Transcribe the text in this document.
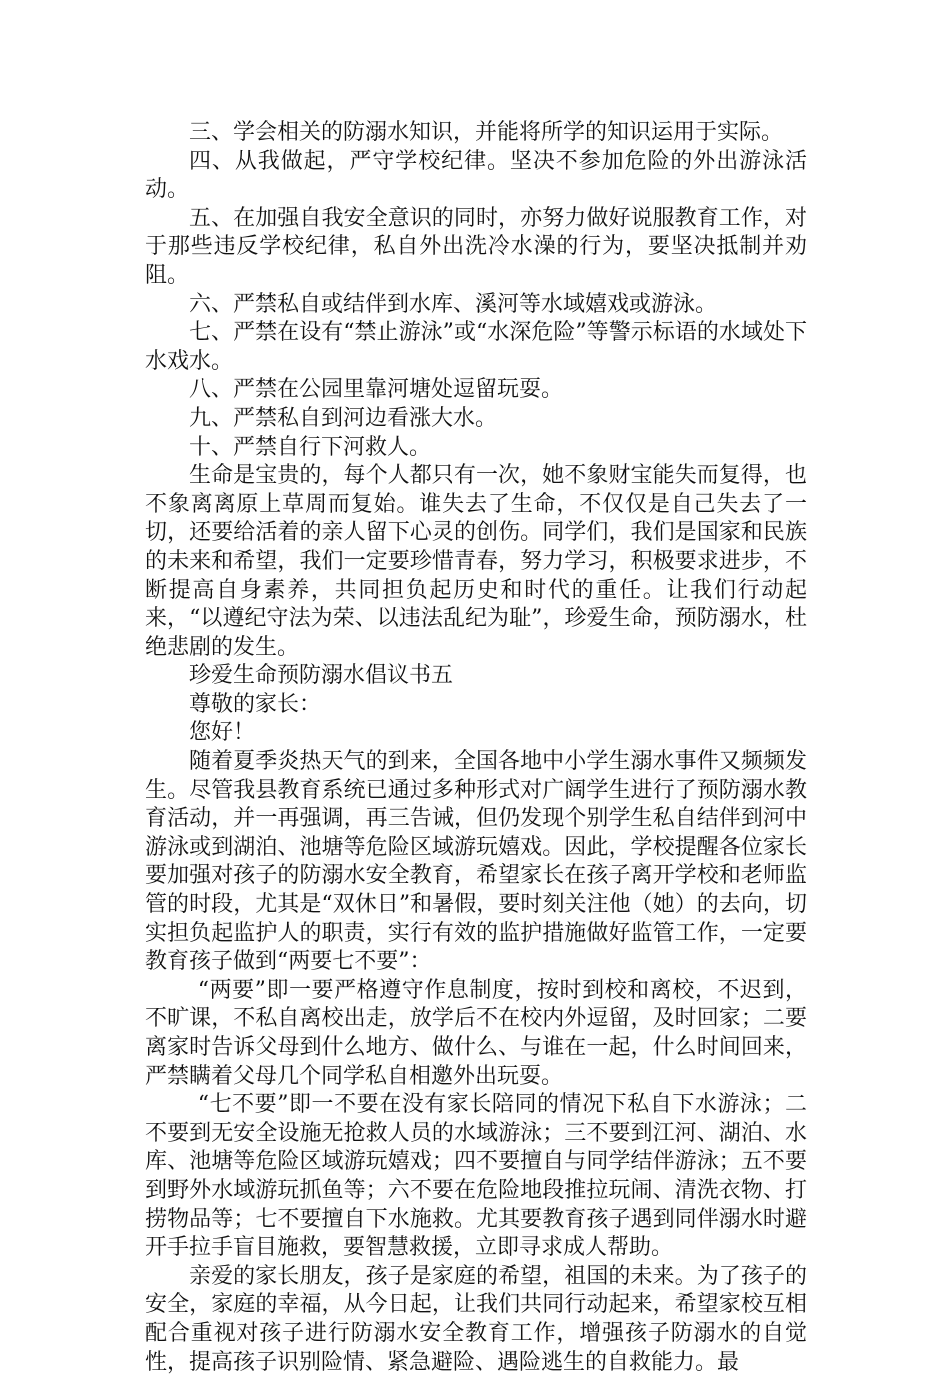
三、学会相关的防溺水知识，并能将所学的知识运用于实际。

四、从我做起，严守学校纪律。坚决不参加危险的外出游泳活动。

五、在加强自我安全意识的同时，亦努力做好说服教育工作，对于那些违反学校纪律，私自外出洗冷水澡的行为，要坚决抵制并劝阻。

六、严禁私自或结伴到水库、溪河等水域嬉戏或游泳。

七、严禁在设有“禁止游泳”或“水深危险”等警示标语的水域处下水戏水。

八、严禁在公园里靠河塘处逗留玩耍。

九、严禁私自到河边看涨大水。

十、严禁自行下河救人。

生命是宝贵的，每个人都只有一次，她不象财宝能失而复得，也不象离离原上草周而复始。谁失去了生命，不仅仅是自己失去了一切，还要给活着的亲人留下心灵的创伤。同学们，我们是国家和民族的未来和希望，我们一定要珍惜青春，努力学习，积极要求进步，不断提高自身素养，共同担负起历史和时代的重任。让我们行动起来，“以遵纪守法为荣、以违法乱纪为耻”，珍爱生命，预防溺水，杜绝悲剧的发生。

珍爱生命预防溺水倡议书五

尊敬的家长：

您好！

随着夏季炎热天气的到来，全国各地中小学生溺水事件又频频发生。尽管我县教育系统已通过多种形式对广阔学生进行了预防溺水教育活动，并一再强调，再三告诫，但仍发现个别学生私自结伴到河中游泳或到湖泊、池塘等危险区域游玩嬉戏。因此，学校提醒各位家长要加强对孩子的防溺水安全教育，希望家长在孩子离开学校和老师监管的时段，尤其是“双休日”和暑假，要时刻关注他（她）的去向，切实担负起监护人的职责，实行有效的监护措施做好监管工作，一定要教育孩子做到“两要七不要”：

“两要”即一要严格遵守作息制度，按时到校和离校，不迟到，不旷课，不私自离校出走，放学后不在校内外逗留，及时回家；二要离家时告诉父母到什么地方、做什么、与谁在一起，什么时间回来，严禁瞒着父母几个同学私自相邀外出玩耍。

“七不要”即一不要在没有家长陪同的情况下私自下水游泳；二不要到无安全设施无抢救人员的水域游泳；三不要到江河、湖泊、水库、池塘等危险区域游玩嬉戏；四不要擅自与同学结伴游泳；五不要到野外水域游玩抓鱼等；六不要在危险地段推拉玩闹、清洗衣物、打捞物品等；七不要擅自下水施救。尤其要教育孩子遇到同伴溺水时避开手拉手盲目施救，要智慧救援，立即寻求成人帮助。

亲爱的家长朋友，孩子是家庭的希望，祖国的未来。为了孩子的安全，家庭的幸福，从今日起，让我们共同行动起来，希望家校互相配合重视对孩子进行防溺水安全教育工作，增强孩子防溺水的自觉性，提高孩子识别险情、紧急避险、遇险逃生的自救能力。最
